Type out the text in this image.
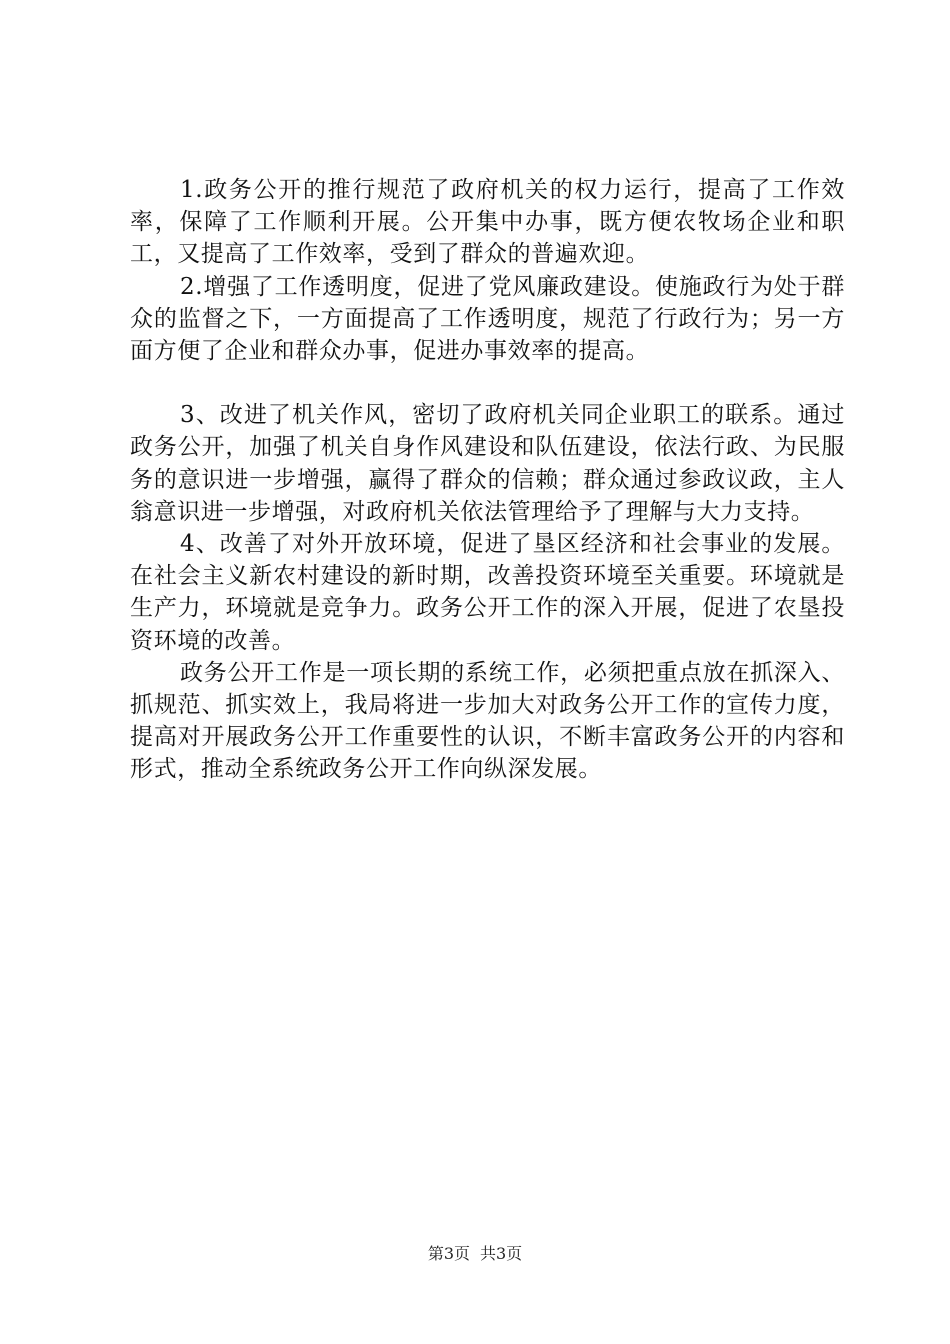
1.政务公开的推行规范了政府机关的权力运行，提高了工作效率，保障了工作顺利开展。公开集中办事，既方便农牧场企业和职工，又提高了工作效率，受到了群众的普遍欢迎。

2.增强了工作透明度，促进了党风廉政建设。使施政行为处于群众的监督之下，一方面提高了工作透明度，规范了行政行为；另一方面方便了企业和群众办事，促进办事效率的提高。

3、改进了机关作风，密切了政府机关同企业职工的联系。通过政务公开，加强了机关自身作风建设和队伍建设，依法行政、为民服务的意识进一步增强，赢得了群众的信赖；群众通过参政议政，主人翁意识进一步增强，对政府机关依法管理给予了理解与大力支持。

4、改善了对外开放环境，促进了垦区经济和社会事业的发展。在社会主义新农村建设的新时期，改善投资环境至关重要。环境就是生产力，环境就是竞争力。政务公开工作的深入开展，促进了农垦投资环境的改善。

政务公开工作是一项长期的系统工作，必须把重点放在抓深入、抓规范、抓实效上，我局将进一步加大对政务公开工作的宣传力度，提高对开展政务公开工作重要性的认识，不断丰富政务公开的内容和形式，推动全系统政务公开工作向纵深发展。

第3页 共3页
